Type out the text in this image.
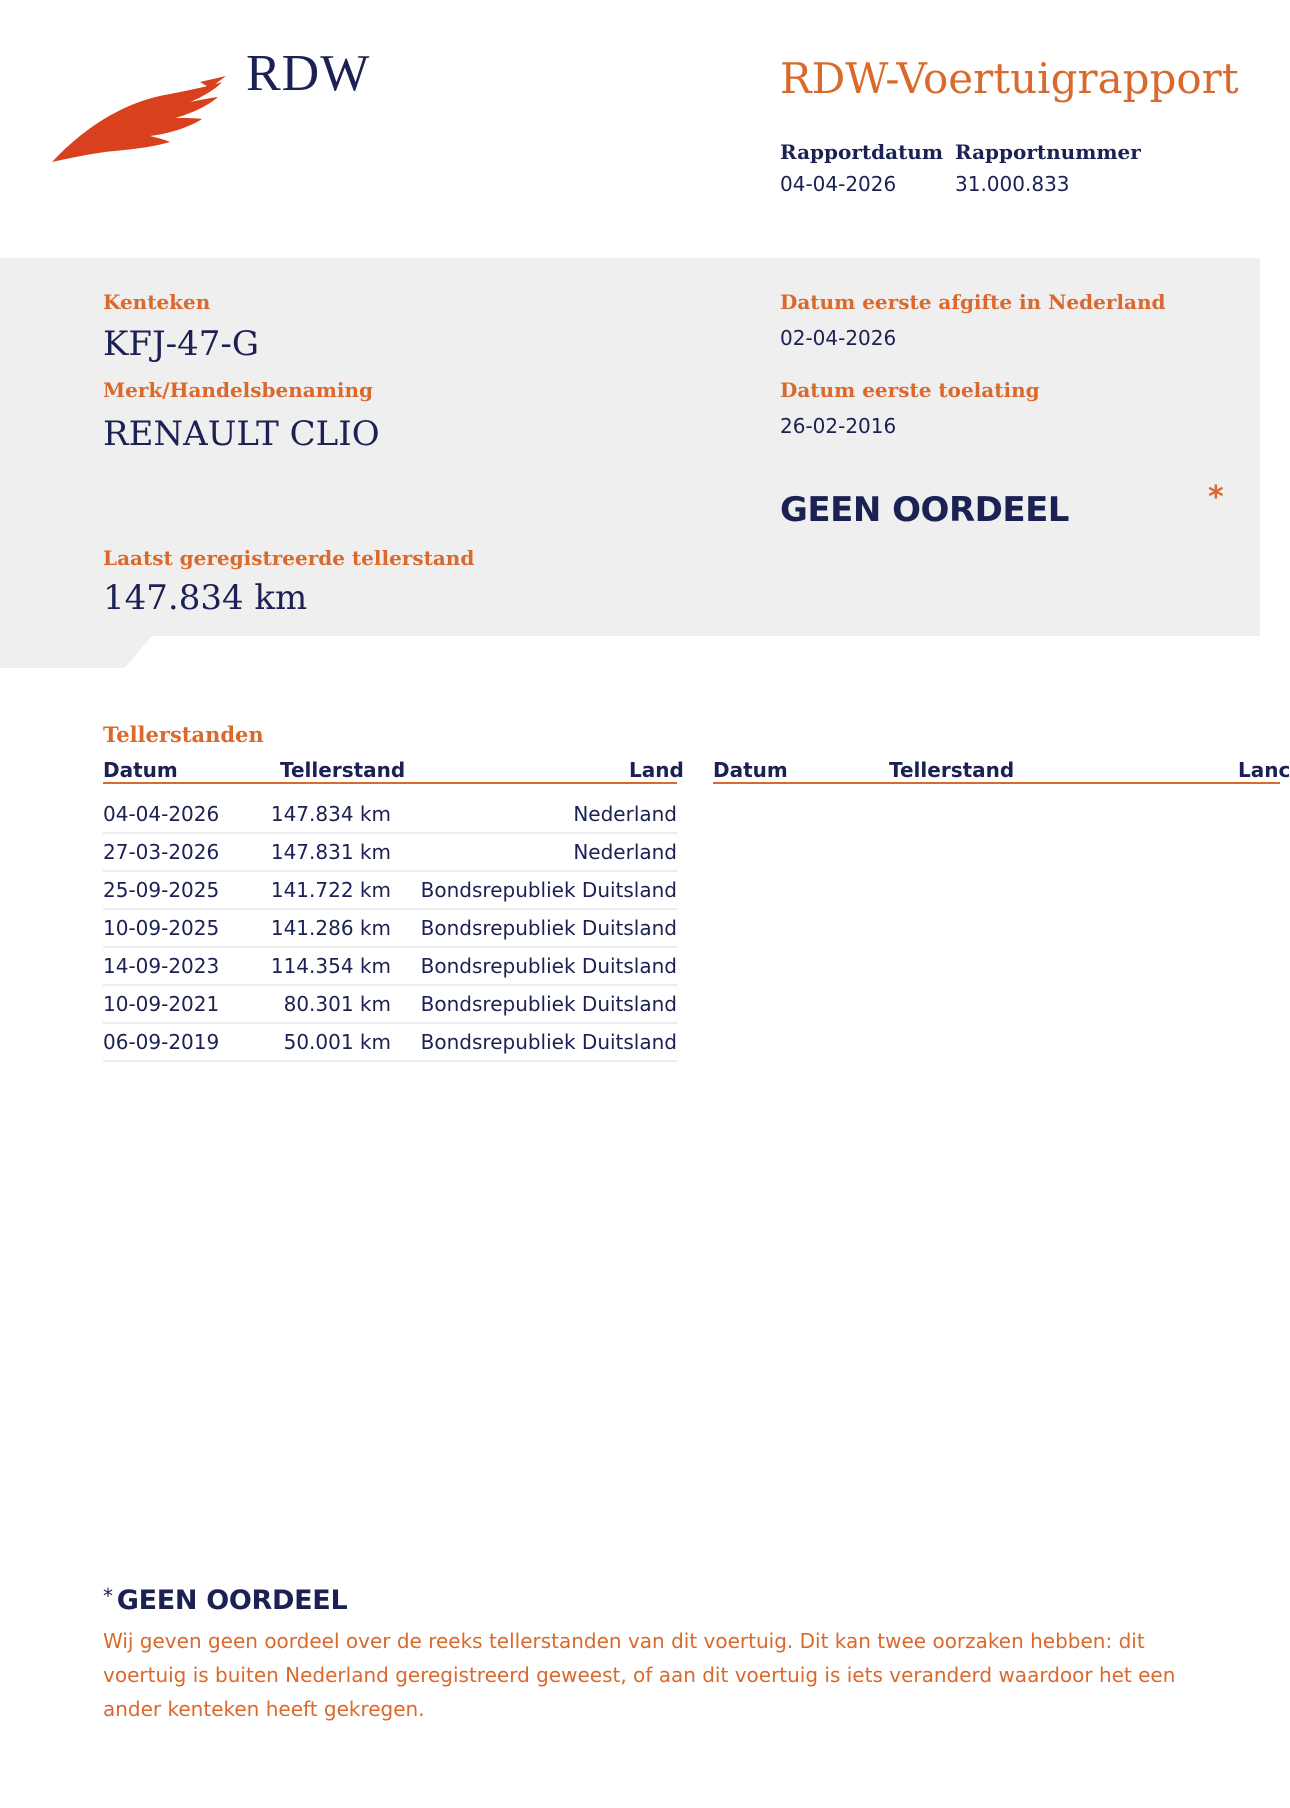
RDW	RDW-Voertuigrapport
Rapportdatum
04-04-2026
Rapportnummer
31.000.833
Kenteken
KFJ-47-G
Merk/Handelsbenaming
RENAULT CLIO
Datum eerste afgifte in Nederland
02-04-2026
Datum eerste toelating
26-02-2016
GEEN OORDEEL	*
Laatst geregistreerde tellerstand
147.834 km
Tellerstanden
Datum	Tellerstand	Land Datum	Tellerstand	Lanc
04-04-2026	147.834 km	Nederland
27-03-2026	147.831 km	Nederland
25-09-2025	141.722 km Bondsrepubliek Duitsland
10-09-2025	141.286 km Bondsrepubliek Duitsland
14-09-2023	114.354 km Bondsrepubliek Duitsland
10-09-2021	80.301 km Bondsrepubliek Duitsland
06-09-2019	50.001 km Bondsrepubliek Duitsland
* GEEN OORDEEL
Wij geven geen oordeel over de reeks tellerstanden van dit voertuig. Dit kan twee oorzaken hebben: dit voertuig is buiten Nederland geregistreerd geweest, of aan dit voertuig is iets veranderd waardoor het een ander kenteken heeft gekregen.
